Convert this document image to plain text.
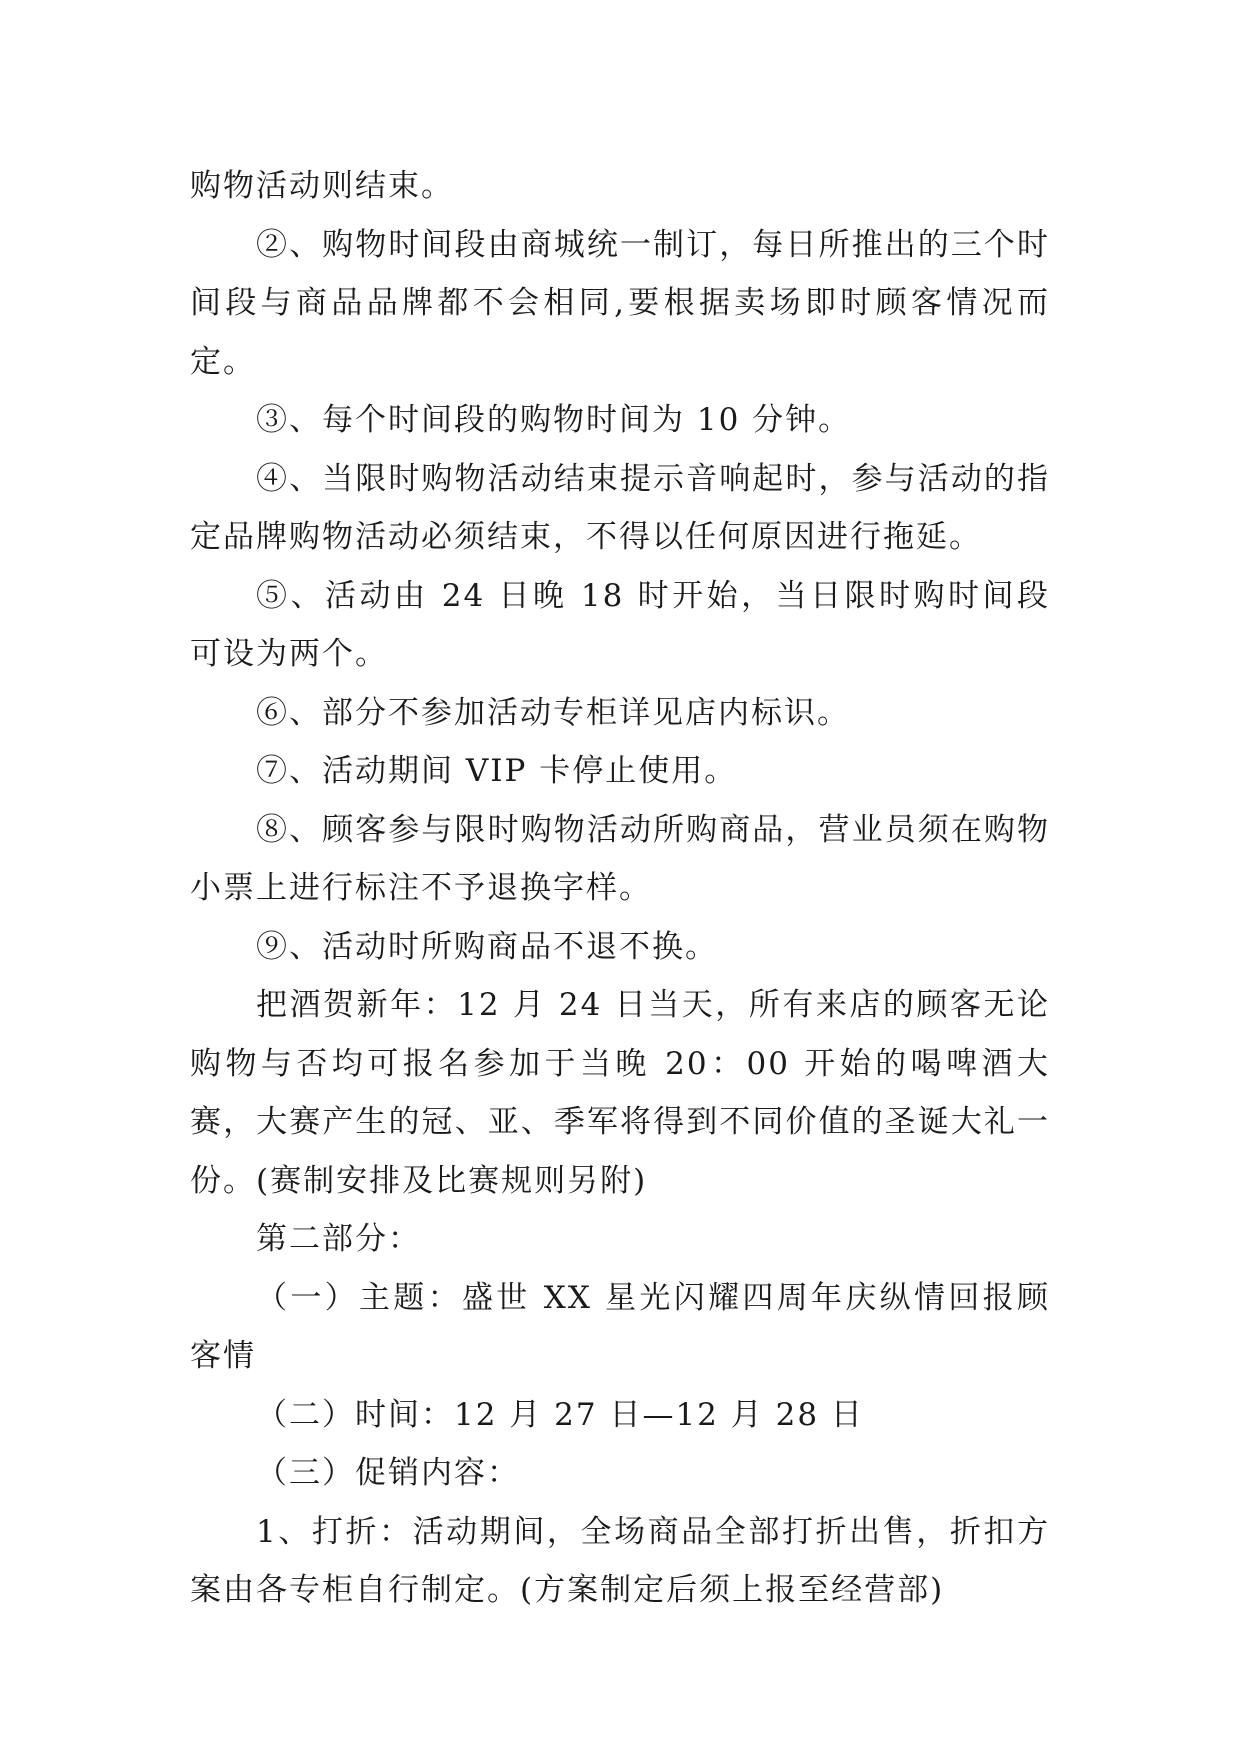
购物活动则结束。

②、购物时间段由商城统一制订，每日所推出的三个时间段与商品品牌都不会相同,要根据卖场即时顾客情况而定。

③、每个时间段的购物时间为 10 分钟。

④、当限时购物活动结束提示音响起时，参与活动的指定品牌购物活动必须结束，不得以任何原因进行拖延。

⑤、活动由 24 日晚 18 时开始，当日限时购时间段可设为两个。

⑥、部分不参加活动专柜详见店内标识。

⑦、活动期间 VIP 卡停止使用。

⑧、顾客参与限时购物活动所购商品，营业员须在购物小票上进行标注不予退换字样。

⑨、活动时所购商品不退不换。

把酒贺新年：12 月 24 日当天，所有来店的顾客无论购物与否均可报名参加于当晚 20：00 开始的喝啤酒大赛，大赛产生的冠、亚、季军将得到不同价值的圣诞大礼一份。(赛制安排及比赛规则另附)

第二部分：

（一）主题：盛世 XX 星光闪耀四周年庆纵情回报顾客情

（二）时间：12 月 27 日—12 月 28 日

（三）促销内容：

1、打折：活动期间，全场商品全部打折出售，折扣方案由各专柜自行制定。(方案制定后须上报至经营部)
